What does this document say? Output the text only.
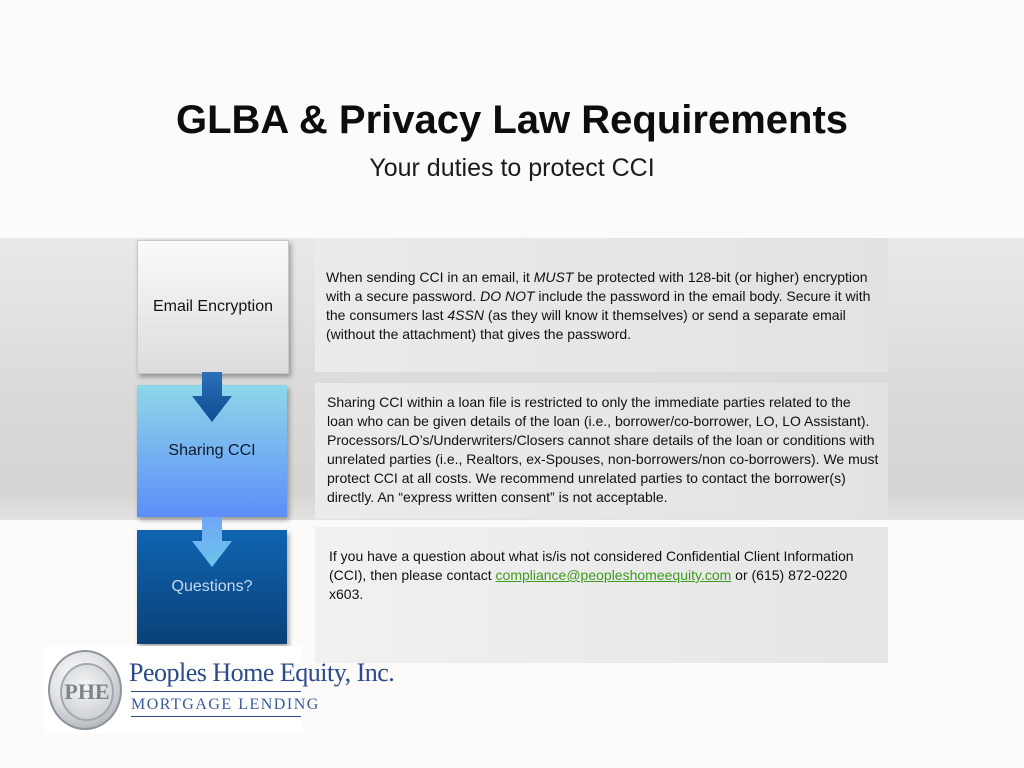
GLBA & Privacy Law Requirements
Your duties to protect CCI
Email Encryption
Sharing CCI
Questions?
When sending CCI in an email, it MUST be protected with 128-bit (or higher) encryption with a secure password. DO NOT include the password in the email body. Secure it with the consumers last 4SSN (as they will know it themselves) or send a separate email (without the attachment) that gives the password.
Sharing CCI within a loan file is restricted to only the immediate parties related to the loan who can be given details of the loan (i.e., borrower/co-borrower, LO, LO Assistant). Processors/LO’s/Underwriters/Closers cannot share details of the loan or conditions with unrelated parties (i.e., Realtors, ex-Spouses, non-borrowers/non co-borrowers). We must protect CCI at all costs. We recommend unrelated parties to contact the borrower(s) directly. An “express written consent” is not acceptable.
If you have a question about what is/is not considered Confidential Client Information (CCI), then please contact compliance@peopleshomeequity.com or (615) 872-0220 x603.
PHE
Peoples Home Equity, Inc.
MORTGAGE LENDING
